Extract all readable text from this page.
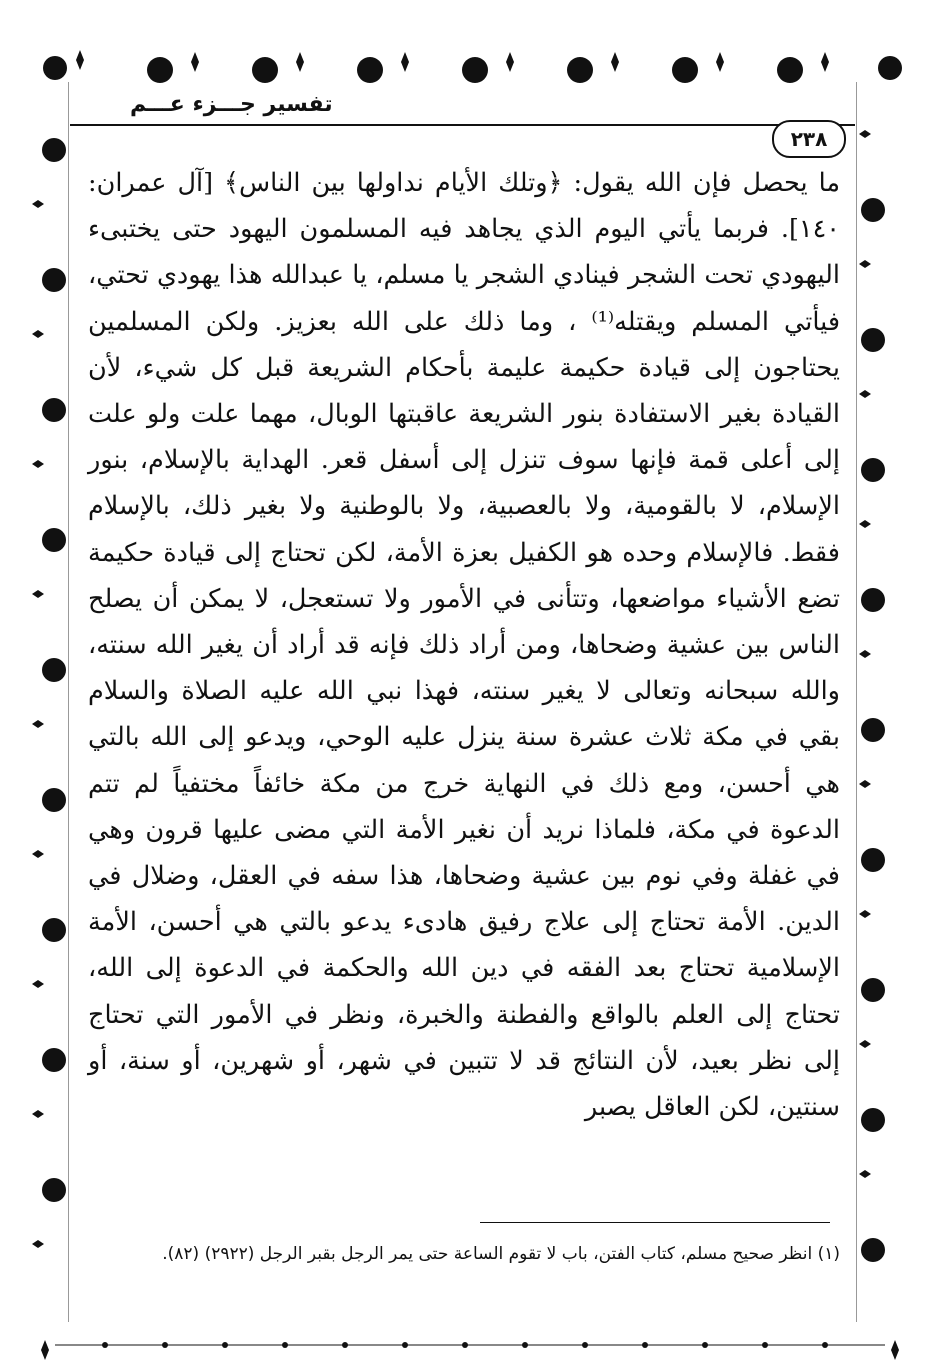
تفسير جـــزء عـــم
٢٣٨
ما يحصل فإن الله يقول: ﴿وتلك الأيام نداولها بين الناس﴾ [آل عمران: ١٤٠]. فربما يأتي اليوم الذي يجاهد فيه المسلمون اليهود حتى يختبىء اليهودي تحت الشجر فينادي الشجر يا مسلم، يا عبدالله هذا يهودي تحتي، فيأتي المسلم ويقتله⁽¹⁾ ، وما ذلك على الله بعزيز. ولكن المسلمين يحتاجون إلى قيادة حكيمة عليمة بأحكام الشريعة قبل كل شيء، لأن القيادة بغير الاستفادة بنور الشريعة عاقبتها الوبال، مهما علت ولو علت إلى أعلى قمة فإنها سوف تنزل إلى أسفل قعر. الهداية بالإسلام، بنور الإسلام، لا بالقومية، ولا بالعصبية، ولا بالوطنية ولا بغير ذلك، بالإسلام فقط. فالإسلام وحده هو الكفيل بعزة الأمة، لكن تحتاج إلى قيادة حكيمة تضع الأشياء مواضعها، وتتأنى في الأمور ولا تستعجل، لا يمكن أن يصلح الناس بين عشية وضحاها، ومن أراد ذلك فإنه قد أراد أن يغير الله سنته، والله سبحانه وتعالى لا يغير سنته، فهذا نبي الله عليه الصلاة والسلام بقي في مكة ثلاث عشرة سنة ينزل عليه الوحي، ويدعو إلى الله بالتي هي أحسن، ومع ذلك في النهاية خرج من مكة خائفاً مختفياً لم تتم الدعوة في مكة، فلماذا نريد أن نغير الأمة التي مضى عليها قرون وهي في غفلة وفي نوم بين عشية وضحاها، هذا سفه في العقل، وضلال في الدين. الأمة تحتاج إلى علاج رفيق هادىء يدعو بالتي هي أحسن، الأمة الإسلامية تحتاج بعد الفقه في دين الله والحكمة في الدعوة إلى الله، تحتاج إلى العلم بالواقع والفطنة والخبرة، ونظر في الأمور التي تحتاج إلى نظر بعيد، لأن النتائج قد لا تتبين في شهر، أو شهرين، أو سنة، أو سنتين، لكن العاقل يصبر
(١) انظر صحيح مسلم، كتاب الفتن، باب لا تقوم الساعة حتى يمر الرجل بقبر الرجل (٢٩٢٢) (٨٢).
